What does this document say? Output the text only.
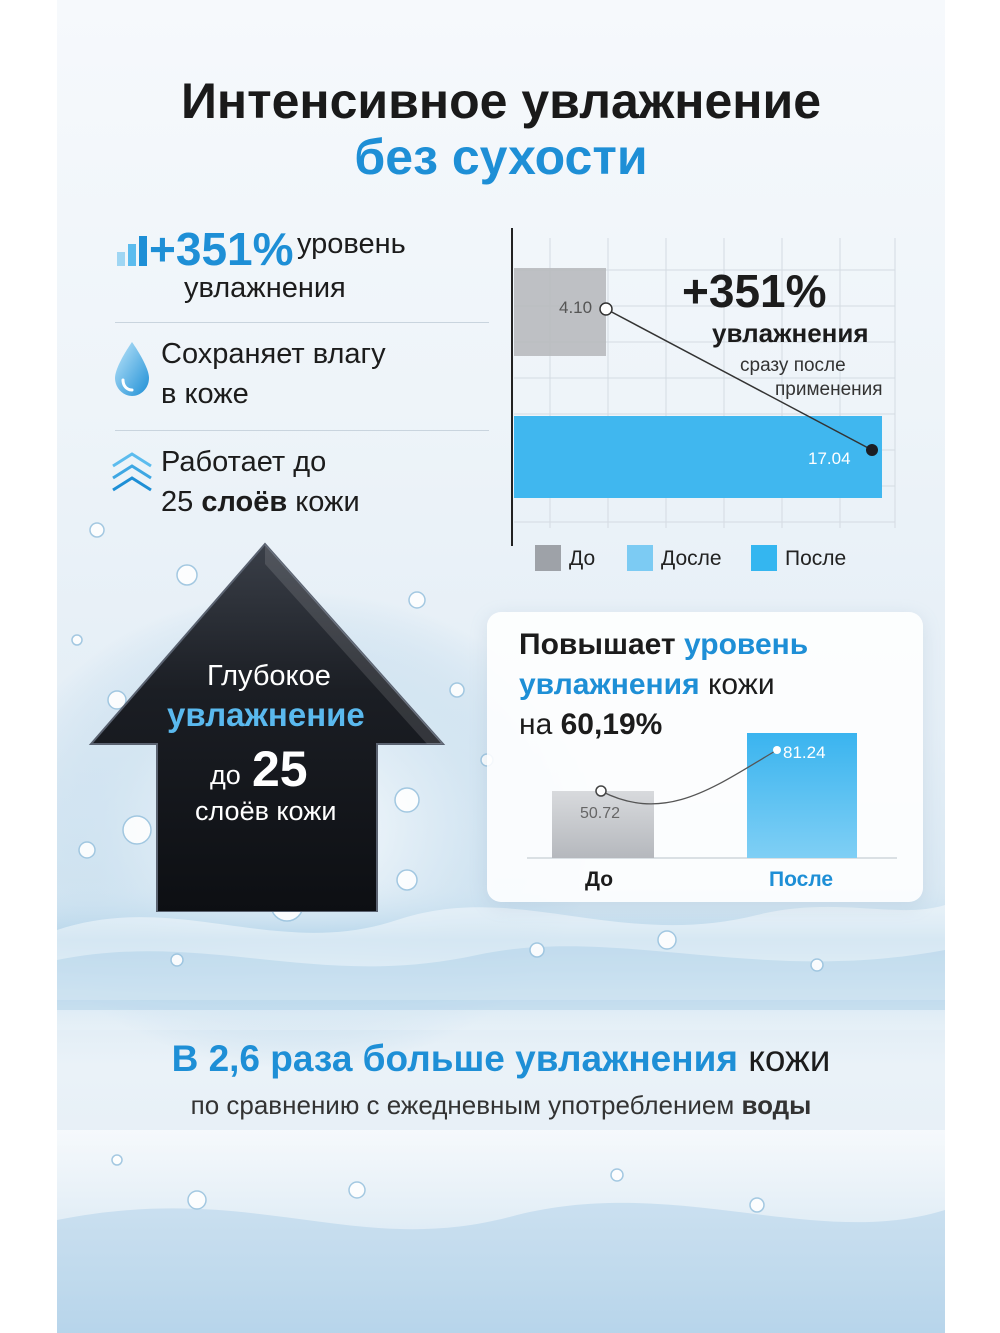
Интенсивное увлажнение
без сухости
+351% уровень
увлажнения
Сохраняет влагу
в коже
Работает до
25 слоёв кожи
Глубокое
увлажнение
до 25
слоёв кожи
4.10
17.04
+351%
увлажнения
сразу после
применения
До	Досле	После
Повышает уровень
увлажнения кожи
на 60,19%
50.72
81.24
До	После
В 2,6 раза больше увлажнения кожи
по сравнению с ежедневным употреблением воды
